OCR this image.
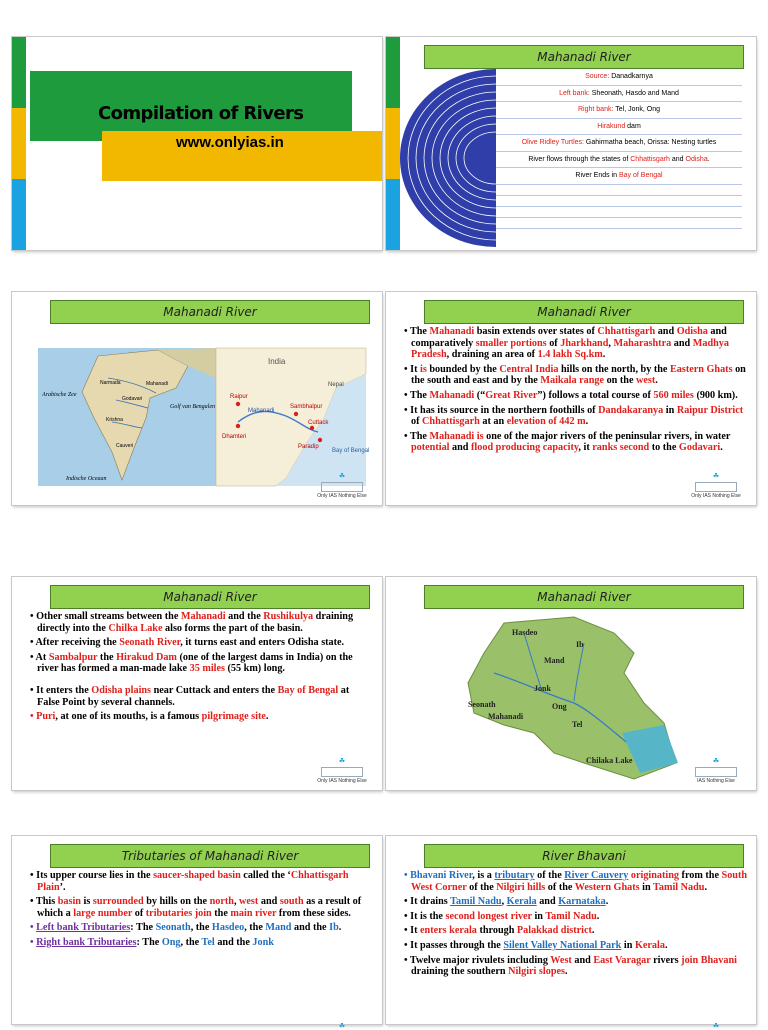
Compilation of Rivers
www.onlyias.in
Mahanadi River
Source: Danadkarnya
Left bank: Sheonath, Hasdo and Mand
Right bank: Tel, Jonk, Ong
Hirakund dam
Olive Ridley Turtles: Gahirmatha beach, Orissa: Nesting turtles
River flows through the states of Chhattisgarh and Odisha.
River Ends in Bay of Bengal
Mahanadi River
Narmada	Mahanadi
Godavari
Krishna
Cauveri
Arabische Zee
Golf van Bengalen
Indische Oceaan
India
Raipur
Mahanadi
Sambhalpur
Cuttack
Paradip
Dhamteri
Nepal
Bay of Bengal
☘
Only IAS Nothing Else
Mahanadi River

• The Mahanadi basin extends over states of Chhattisgarh and Odisha and comparatively smaller portions of Jharkhand, Maharashtra and Madhya Pradesh, draining an area of 1.4 lakh Sq.km.

• It is bounded by the Central India hills on the north, by the Eastern Ghats on the south and east and by the Maikala range on the west.

• The Mahanadi (“Great River”) follows a total course of 560 miles (900 km).

• It has its source in the northern foothills of Dandakaranya in Raipur District of Chhattisgarh at an elevation of 442 m.

• The Mahanadi is one of the major rivers of the peninsular rivers, in water potential and flood producing capacity, it ranks second to the Godavari.

☘
Only IAS Nothing Else
Mahanadi River

• Other small streams between the Mahanadi and the Rushikulya draining directly into the Chilka Lake also forms the part of the basin.

• After receiving the Seonath River, it turns east and enters Odisha state.

• At Sambalpur the Hirakud Dam (one of the largest dams in India) on the river has formed a man-made lake 35 miles (55 km) long.

• It enters the Odisha plains near Cuttack and enters the Bay of Bengal at False Point by several channels.

• Puri, at one of its mouths, is a famous pilgrimage site.

☘
Only IAS Nothing Else
Mahanadi River
Hasdeo
Ib
Mand
Jonk
Seonath	Ong
Mahanadi
Tel
Chilaka Lake	☘
IAS Nothing Else
Tributaries of Mahanadi River

• Its upper course lies in the saucer-shaped basin called the ‘Chhattisgarh Plain’.

• This basin is surrounded by hills on the north, west and south as a result of which a large number of tributaries join the main river from these sides.

• Left bank Tributaries: The Seonath, the Hasdeo, the Mand and the Ib.

• Right bank Tributaries: The Ong, the Tel and the Jonk

☘
River Bhavani

• Bhavani River, is a tributary of the River Cauvery originating from the South West Corner of the Nilgiri hills of the Western Ghats in Tamil Nadu.

• It drains Tamil Nadu, Kerala and Karnataka.

• It is the second longest river in Tamil Nadu.

• It enters kerala through Palakkad district.

• It passes through the Silent Valley National Park in Kerala.

• Twelve major rivulets including West and East Varagar rivers join Bhavani draining the southern Nilgiri slopes.

☘
